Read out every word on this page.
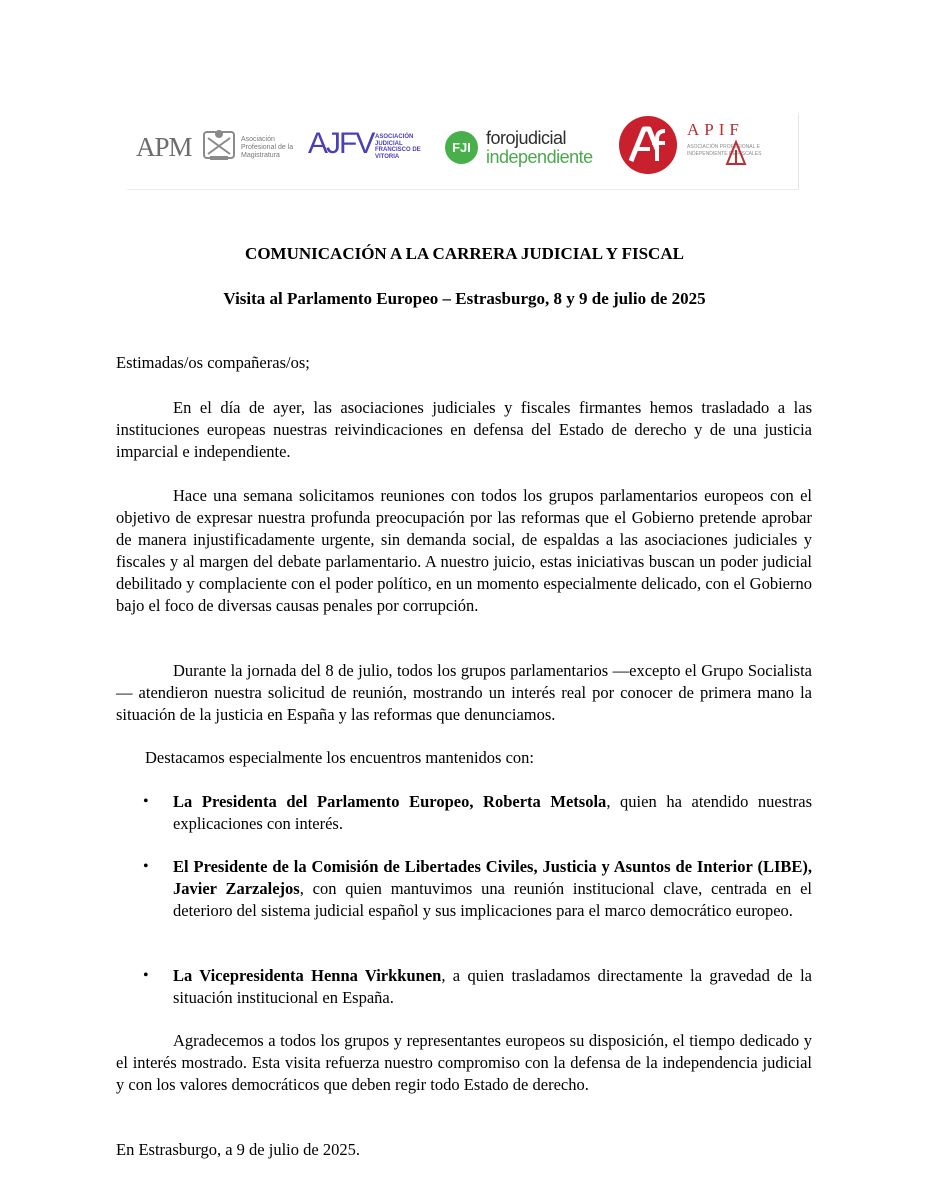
APM	Asociación Profesional de la Magistratura AJFV ASOCIACIÓN JUDICIAL FRANCISCO DE VITORIA
FJI forojudicial
independiente
APIF
ASOCIACIÓN PROFESIONAL E INDEPENDIENTE DE FISCALES
COMUNICACIÓN A LA CARRERA JUDICIAL Y FISCAL
Visita al Parlamento Europeo – Estrasburgo, 8 y 9 de julio de 2025
Estimadas/os compañeras/os;
En el día de ayer, las asociaciones judiciales y fiscales firmantes hemos trasladado a las instituciones europeas nuestras reivindicaciones en defensa del Estado de derecho y de una justicia imparcial e independiente.
Hace una semana solicitamos reuniones con todos los grupos parlamentarios europeos con el objetivo de expresar nuestra profunda preocupación por las reformas que el Gobierno pretende aprobar de manera injustificadamente urgente, sin demanda social, de espaldas a las asociaciones judiciales y fiscales y al margen del debate parlamentario. A nuestro juicio, estas iniciativas buscan un poder judicial debilitado y complaciente con el poder político, en un momento especialmente delicado, con el Gobierno bajo el foco de diversas causas penales por corrupción.
Durante la jornada del 8 de julio, todos los grupos parlamentarios —excepto el Grupo Socialista— atendieron nuestra solicitud de reunión, mostrando un interés real por conocer de primera mano la situación de la justicia en España y las reformas que denunciamos.
Destacamos especialmente los encuentros mantenidos con:
• La Presidenta del Parlamento Europeo, Roberta Metsola, quien ha atendido nuestras explicaciones con interés.
• El Presidente de la Comisión de Libertades Civiles, Justicia y Asuntos de Interior (LIBE), Javier Zarzalejos, con quien mantuvimos una reunión institucional clave, centrada en el deterioro del sistema judicial español y sus implicaciones para el marco democrático europeo.
• La Vicepresidenta Henna Virkkunen, a quien trasladamos directamente la gravedad de la situación institucional en España.
Agradecemos a todos los grupos y representantes europeos su disposición, el tiempo dedicado y el interés mostrado. Esta visita refuerza nuestro compromiso con la defensa de la independencia judicial y con los valores democráticos que deben regir todo Estado de derecho.
En Estrasburgo, a 9 de julio de 2025.
